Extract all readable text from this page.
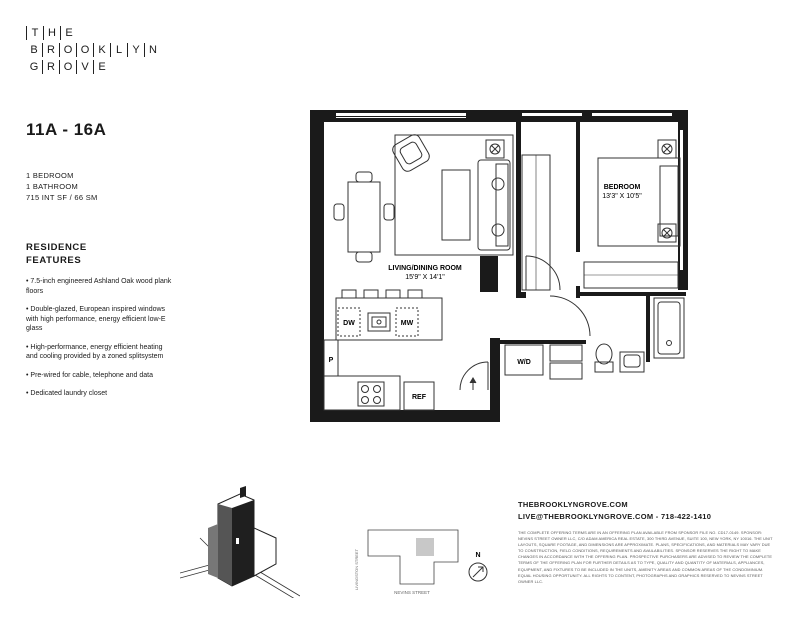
T H E
B R O O K L Y N
G R O V E
11A - 16A
1 BEDROOM
1 BATHROOM
715 INT SF / 66 SM
RESIDENCE
FEATURES
• 7.5-inch engineered Ashland Oak wood plank floors
• Double-glazed, European inspired windows with high performance, energy efficient low-E glass
• High-performance, energy efficient heating and cooling provided by a zoned splitsystem
• Pre-wired for cable, telephone and data
• Dedicated laundry closet
LIVING/DINING ROOM
15'9" X 14'1"
BEDROOM
13'3" X 10'5"
DW	MW
P	W/D
REF
LIVINGSTON STREET
NEVINS STREET
N
THEBROOKLYNGROVE.COM
LIVE@THEBROOKLYNGROVE.COM - 718-422-1410
THE COMPLETE OFFERING TERMS ARE IN AN OFFERING PLAN AVAILABLE FROM SPONSOR FILE NO. CD17-0149. SPONSOR: NEVINS STREET OWNER LLC, C/O ADAM AMERICA REAL ESTATE, 300 THIRD AVENUE, SUITE 100, NEW YORK, NY 10016. THE UNIT LAYOUTS, SQUARE FOOTAGE, AND DIMENSIONS ARE APPROXIMATE. PLANS, SPECIFICATIONS, AND MATERIALS MAY VARY DUE TO CONSTRUCTION, FIELD CONDITIONS, REQUIREMENTS AND AVAILABILITIES. SPONSOR RESERVES THE RIGHT TO MAKE CHANGES IN ACCORDANCE WITH THE OFFERING PLAN. PROSPECTIVE PURCHASERS ARE ADVISED TO REVIEW THE COMPLETE TERMS OF THE OFFERING PLAN FOR FURTHER DETAILS AS TO TYPE, QUALITY AND QUANTITY OF MATERIALS, APPLIANCES, EQUIPMENT, AND FIXTURES TO BE INCLUDED IN THE UNITS, AMENITY AREAS AND COMMON AREAS OF THE CONDOMINIUM. EQUAL HOUSING OPPORTUNITY. ALL RIGHTS TO CONTENT, PHOTOGRAPHS AND GRAPHICS RESERVED TO NEVINS STREET OWNER LLC.
